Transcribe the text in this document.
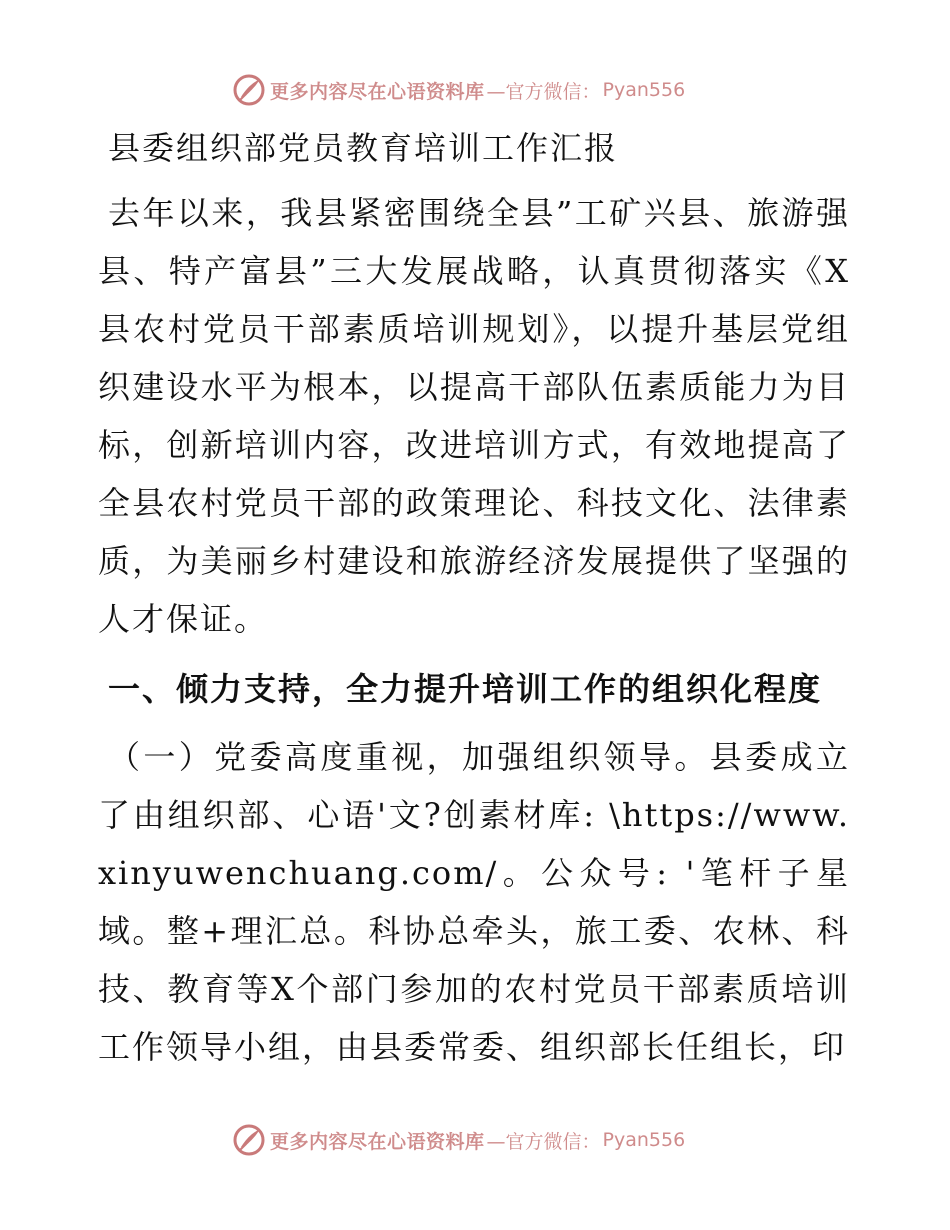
更多内容尽在心语资料库 —官方微信： Pyan556
县委组织部党员教育培训工作汇报

去年以来，我县紧密围绕全县”工矿兴县、旅游强县、特产富县”三大发展战略，认真贯彻落实《X县农村党员干部素质培训规划》，以提升基层党组织建设水平为根本，以提高干部队伍素质能力为目标，创新培训内容，改进培训方式，有效地提高了全县农村党员干部的政策理论、科技文化、法律素质，为美丽乡村建设和旅游经济发展提供了坚强的人才保证。

一、倾力支持，全力提升培训工作的组织化程度

（一）党委高度重视，加强组织领导。县委成立了由组织部、心语'文?创素材库: \https://www.xinyuwenchuang.com/。公众号: '笔杆子星域。整+理汇总。科协总牵头，旅工委、农林、科技、教育等X个部门参加的农村党员干部素质培训工作领导小组，由县委常委、组织部长任组长，印

更多内容尽在心语资料库 —官方微信： Pyan556
